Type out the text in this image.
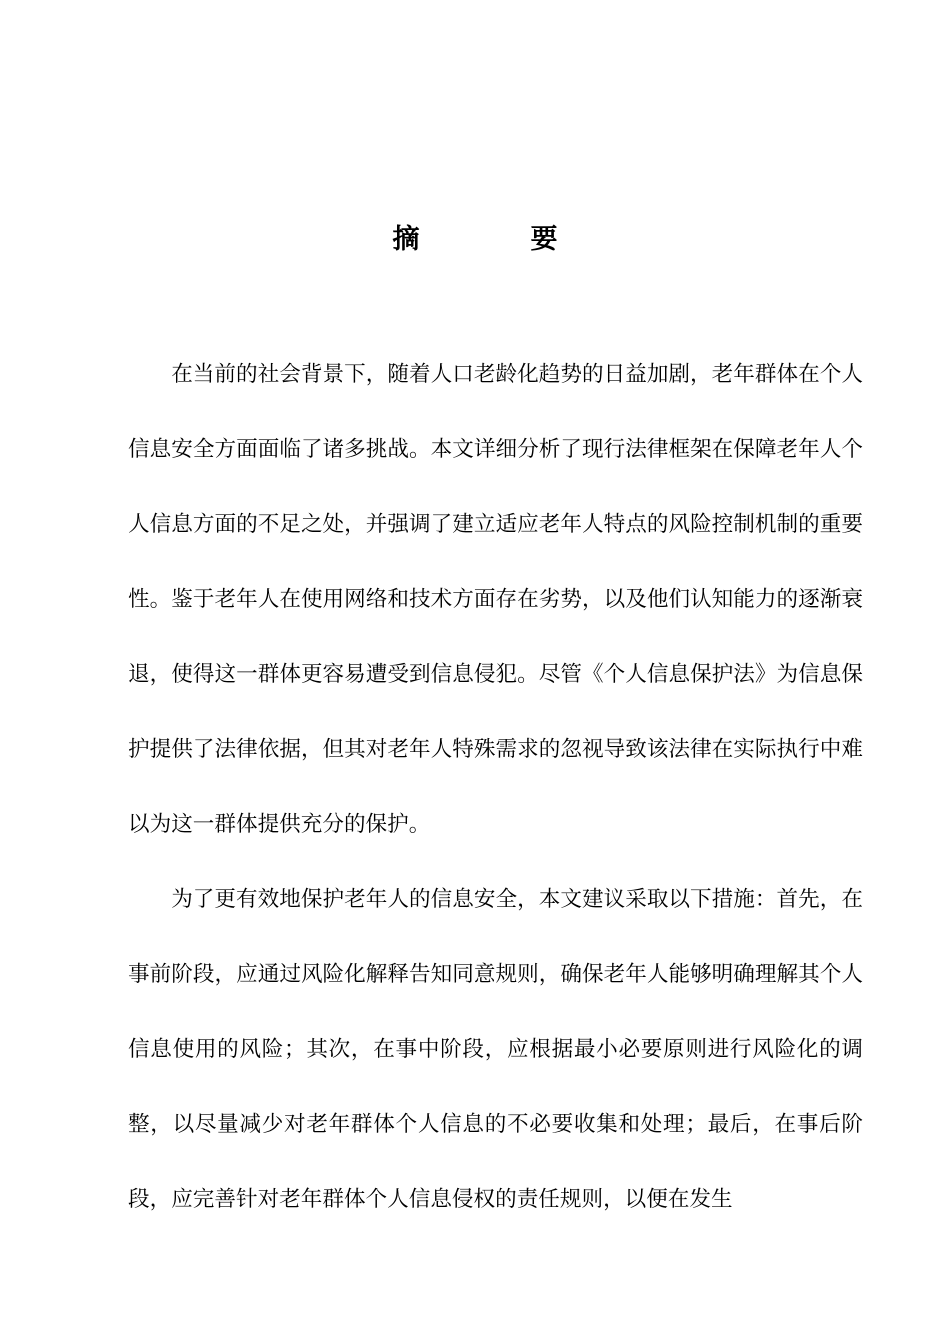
摘　要

在当前的社会背景下，随着人口老龄化趋势的日益加剧，老年群体在个人信息安全方面面临了诸多挑战。本文详细分析了现行法律框架在保障老年人个人信息方面的不足之处，并强调了建立适应老年人特点的风险控制机制的重要性。鉴于老年人在使用网络和技术方面存在劣势，以及他们认知能力的逐渐衰退，使得这一群体更容易遭受到信息侵犯。尽管《个人信息保护法》为信息保护提供了法律依据，但其对老年人特殊需求的忽视导致该法律在实际执行中难以为这一群体提供充分的保护。

为了更有效地保护老年人的信息安全，本文建议采取以下措施：首先，在事前阶段，应通过风险化解释告知同意规则，确保老年人能够明确理解其个人信息使用的风险；其次，在事中阶段，应根据最小必要原则进行风险化的调整，以尽量减少对老年群体个人信息的不必要收集和处理；最后，在事后阶段，应完善针对老年群体个人信息侵权的责任规则，以便在发生
